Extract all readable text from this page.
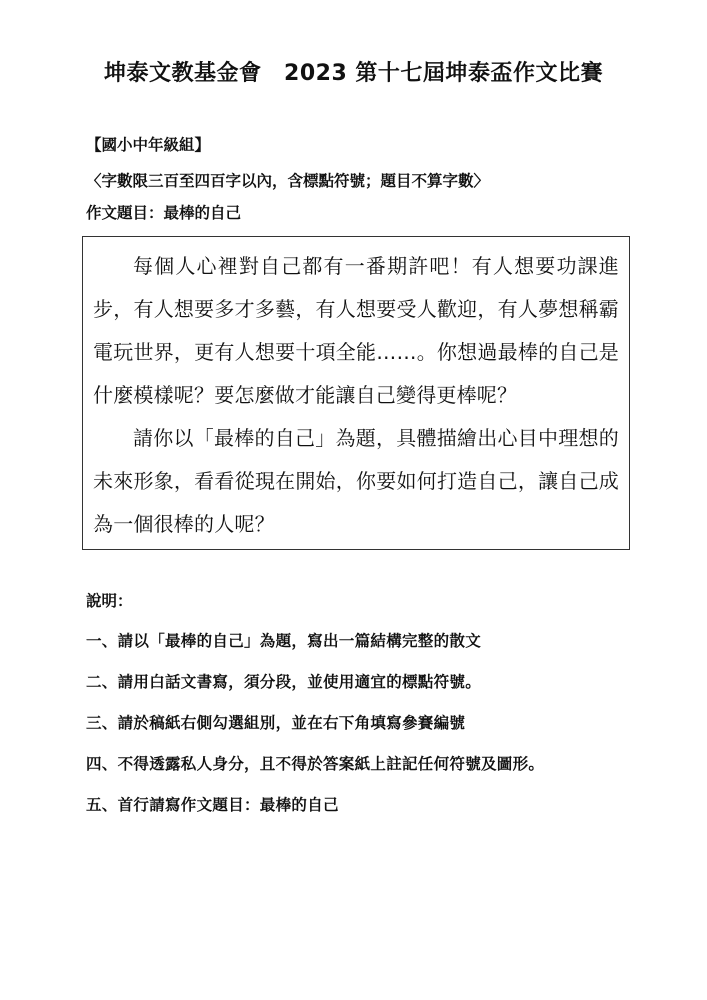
坤泰文教基金會　2023 第十七屆坤泰盃作文比賽
【國小中年級組】
〈字數限三百至四百字以內，含標點符號；題目不算字數〉
作文題目：最棒的自己

每個人心裡對自己都有一番期許吧！有人想要功課進步，有人想要多才多藝，有人想要受人歡迎，有人夢想稱霸電玩世界，更有人想要十項全能……。你想過最棒的自己是什麼模樣呢？要怎麼做才能讓自己變得更棒呢？

請你以「最棒的自己」為題，具體描繪出心目中理想的未來形象，看看從現在開始，你要如何打造自己，讓自己成為一個很棒的人呢？

說明：
一、請以「最棒的自己」為題，寫出一篇結構完整的散文
二、請用白話文書寫，須分段，並使用適宜的標點符號。
三、請於稿紙右側勾選組別，並在右下角填寫參賽編號
四、不得透露私人身分，且不得於答案紙上註記任何符號及圖形。
五、首行請寫作文題目：最棒的自己
